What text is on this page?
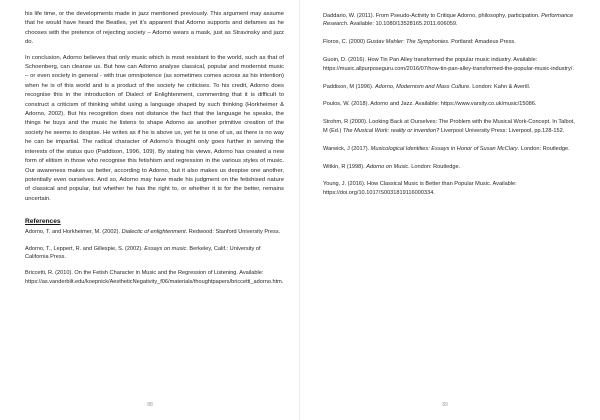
his life time, or the developments made in jazz mentioned previously. This argument may assume that he would have heard the Beatles, yet it’s apparent that Adorno supports and defames as he chooses with the pretence of rejecting society – Adorno wears a mask, just as Stravinsky and jazz do.

In conclusion, Adorno believes that only music which is most resistant to the world, such as that of Schoenberg, can cleanse us. But how can Adorno analyse classical, popular and modernist music – or even society in general - with true omnipotence (as sometimes comes across as his intention) when he is of this world and is a product of the society he criticises. To his credit, Adorno does recognise this in the introduction of Dialect of Enlightenment, commenting that it is difficult to construct a criticism of thinking whilst using a language shaped by such thinking (Horkheimer & Adorno, 2002). But his recognition does not distance the fact that the language he speaks, the things he buys and the music he listens to shape Adorno as another primitive creation of the society he seems to despise. He writes as if he is above us, yet he is one of us, as there is no way he can be impartial. The radical character of Adorno’s thought only goes further in serving the interests of the status quo (Paddison, 1996, 109). By stating his views, Adorno has created a new form of elitism in those who recognise this fetishism and regression in the various styles of music. Our awareness makes us better, according to Adorno, but it also makes us despise one another, potentially even ourselves. And so, Adorno may have made his judgment on the fetishised nature of classical and popular, but whether he has the right to, or whether it is for the better, remains uncertain.

References
Adorno, T. and Horkheimer, M. (2002). Dialectic of enlightenment. Redwood: Stanford University Press.
Adorno, T., Leppert, R. and Gillespie, S. (2002). Essays on music. Berkeley, Calif.: University of California Press.
Briccetti, R. (2010). On the Fetish Character in Music and the Regression of Listening. Available: https://as.vanderbilt.edu/koepnick/AestheticNegativity_f06/materials/thoughtpapers/briccetti_adorno.htm.
88
Daddario, W. (2011). From Pseudo-Activity to Critique Adorno, philosophy, participation. Performance Research. Available: 10.1080/13528165.2011.606059.
Floros, C. (2000) Gustav Mahler: The Symphonies. Portland: Amadeus Press.
Guoin, D. (2016). How Tin Pan Alley transformed the popular music industry. Available: https://music.allpurposeguru.com/2016/07/how-tin-pan-alley-transformed-the-popular-music-industry/.
Paddison, M (1996). Adorno, Modernism and Mass Culture. London: Kahn & Averill.
Poulos, W. (2018). Adorno and Jazz. Available: https://www.varsity.co.uk/music/15086.
Strohm, R (2000). Looking Back at Ourselves: The Problem with the Musical Work-Concept. In Talbot, M (Ed.) The Musical Work: reality or invention? Liverpool University Press: Liverpool, pp.128-152.
Warwick, J (2017). Musicological Identities: Essays in Honor of Susan McClary. London: Routledge.
Witkin, R (1998). Adorno on Music. London: Routledge.
Young, J. (2016). How Classical Music is Better than Popular Music. Available: https://doi.org/10.1017/S0031819116000334.
89
